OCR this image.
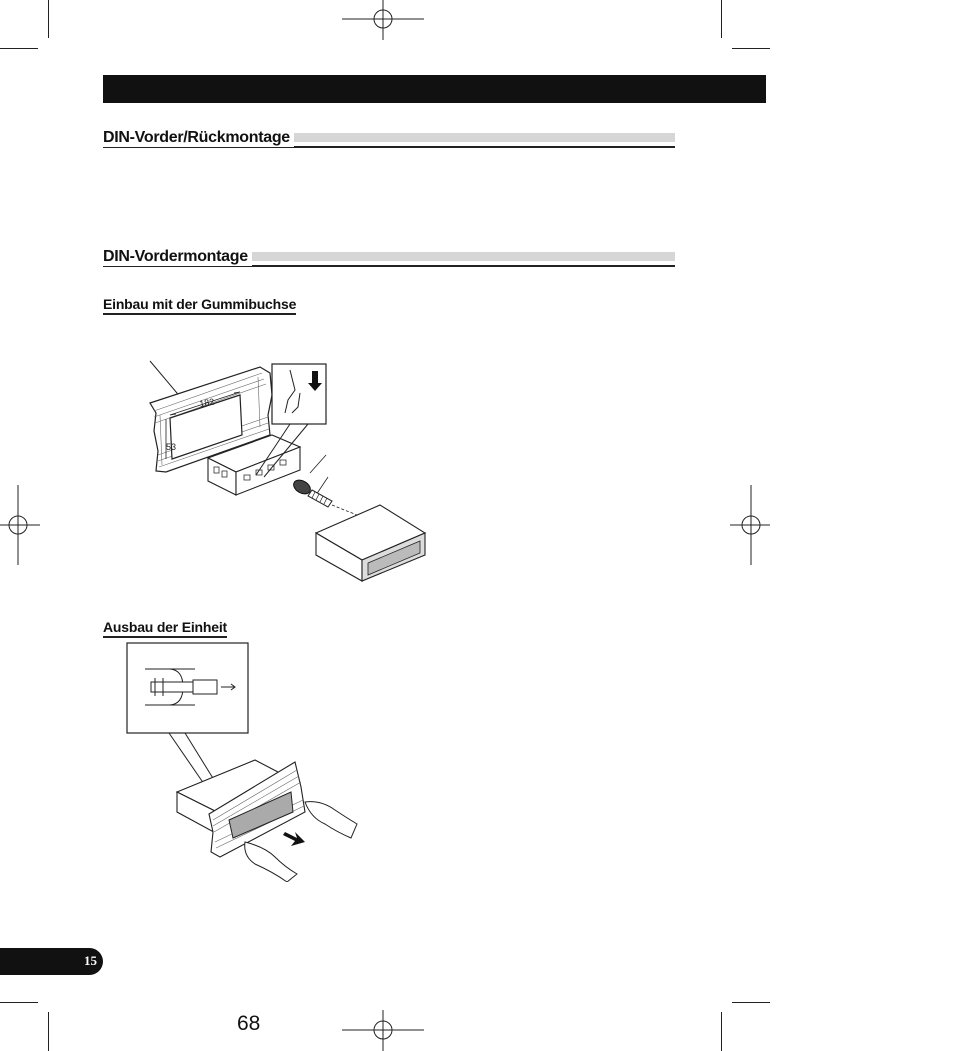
DIN-Vorder/Rückmontage
DIN-Vordermontage
Einbau mit der Gummibuchse
182
53
Ausbau der Einheit
15
68
